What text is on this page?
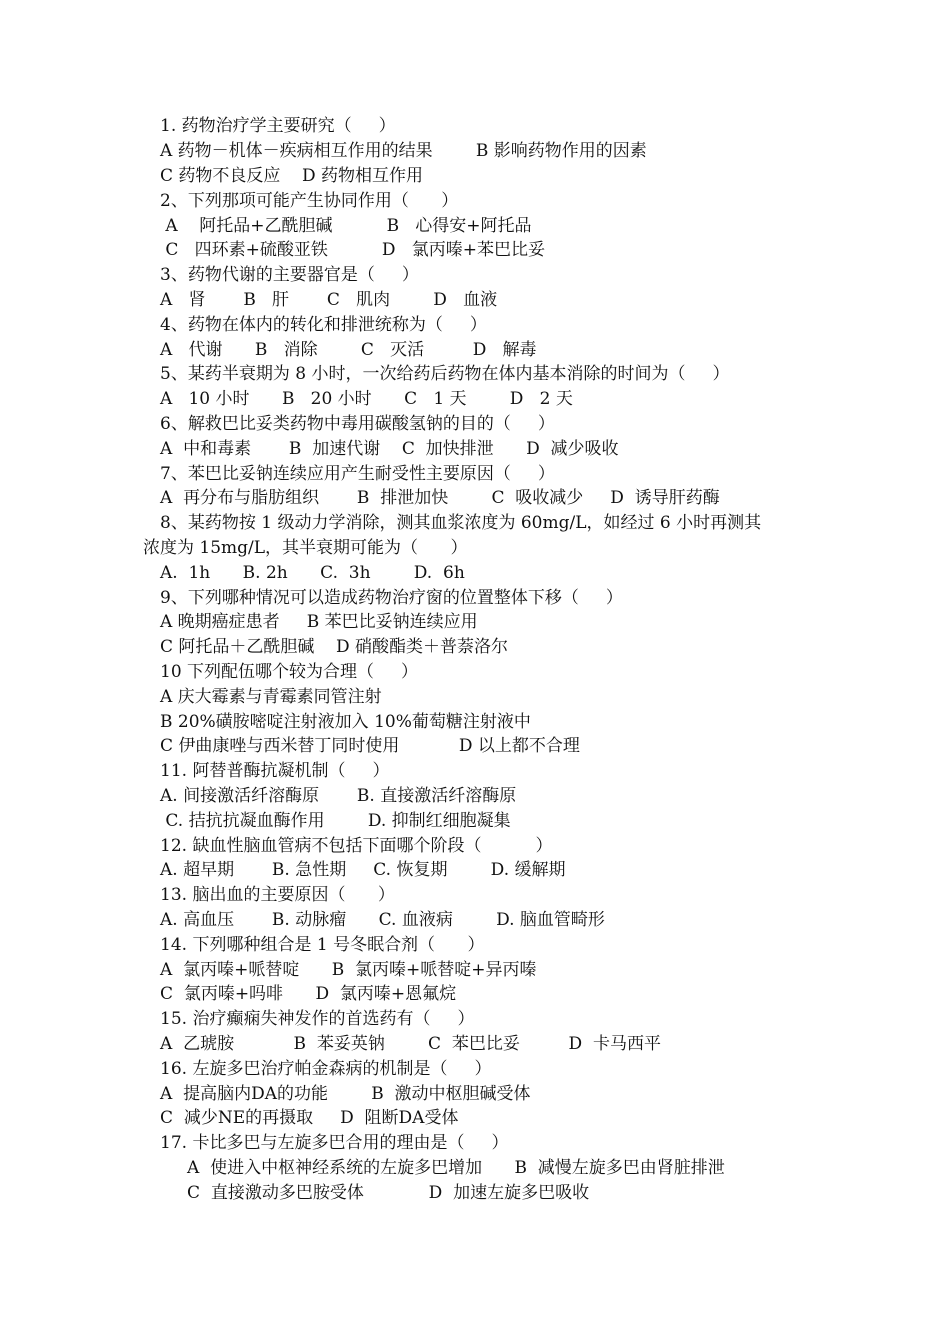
1. 药物治疗学主要研究（     ）
A 药物－机体－疾病相互作用的结果        B 影响药物作用的因素
C 药物不良反应    D 药物相互作用
2、下列那项可能产生协同作用（      ）
A    阿托品+乙酰胆碱          B   心得安+阿托品
C   四环素+硫酸亚铁          D   氯丙嗪+苯巴比妥
3、药物代谢的主要器官是（     ）
A   肾       B   肝       C   肌肉        D   血液
4、药物在体内的转化和排泄统称为（     ）
A   代谢      B   消除        C   灭活         D   解毒
5、某药半衰期为 8 小时，一次给药后药物在体内基本消除的时间为（     ）
A   10 小时      B   20 小时      C   1 天        D   2 天
6、解救巴比妥类药物中毒用碳酸氢钠的目的（     ）
A  中和毒素       B  加速代谢    C  加快排泄      D  减少吸收
7、苯巴比妥钠连续应用产生耐受性主要原因（     ）
A  再分布与脂肪组织       B  排泄加快        C  吸收减少     D  诱导肝药酶
8、某药物按 1 级动力学消除，测其血浆浓度为 60mg/L，如经过 6 小时再测其
浓度为 15mg/L，其半衰期可能为（      ）
A.  1h      B. 2h      C.  3h        D.  6h
9、下列哪种情况可以造成药物治疗窗的位置整体下移（     ）
A 晚期癌症患者     B 苯巴比妥钠连续应用
C 阿托品＋乙酰胆碱    D 硝酸酯类＋普萘洛尔
10 下列配伍哪个较为合理（     ）
A 庆大霉素与青霉素同管注射
B 20%磺胺嘧啶注射液加入 10%葡萄糖注射液中
C 伊曲康唑与西米替丁同时使用           D 以上都不合理
11. 阿替普酶抗凝机制（     ）
A. 间接激活纤溶酶原       B. 直接激活纤溶酶原
C. 拮抗抗凝血酶作用        D. 抑制红细胞凝集
12. 缺血性脑血管病不包括下面哪个阶段（          ）
A. 超早期       B. 急性期     C. 恢复期        D. 缓解期
13. 脑出血的主要原因（      ）
A. 高血压       B. 动脉瘤      C. 血液病        D. 脑血管畸形
14. 下列哪种组合是 1 号冬眠合剂（      ）
A  氯丙嗪+哌替啶      B  氯丙嗪+哌替啶+异丙嗪
C  氯丙嗪+吗啡      D  氯丙嗪+恩氟烷
15. 治疗癫痫失神发作的首选药有（     ）
A  乙琥胺           B  苯妥英钠        C  苯巴比妥         D  卡马西平
16. 左旋多巴治疗帕金森病的机制是（     ）
A  提高脑内DA的功能        B  激动中枢胆碱受体
C  减少NE的再摄取     D  阻断DA受体
17. 卡比多巴与左旋多巴合用的理由是（     ）
A  使进入中枢神经系统的左旋多巴增加      B  减慢左旋多巴由肾脏排泄
C  直接激动多巴胺受体            D  加速左旋多巴吸收
